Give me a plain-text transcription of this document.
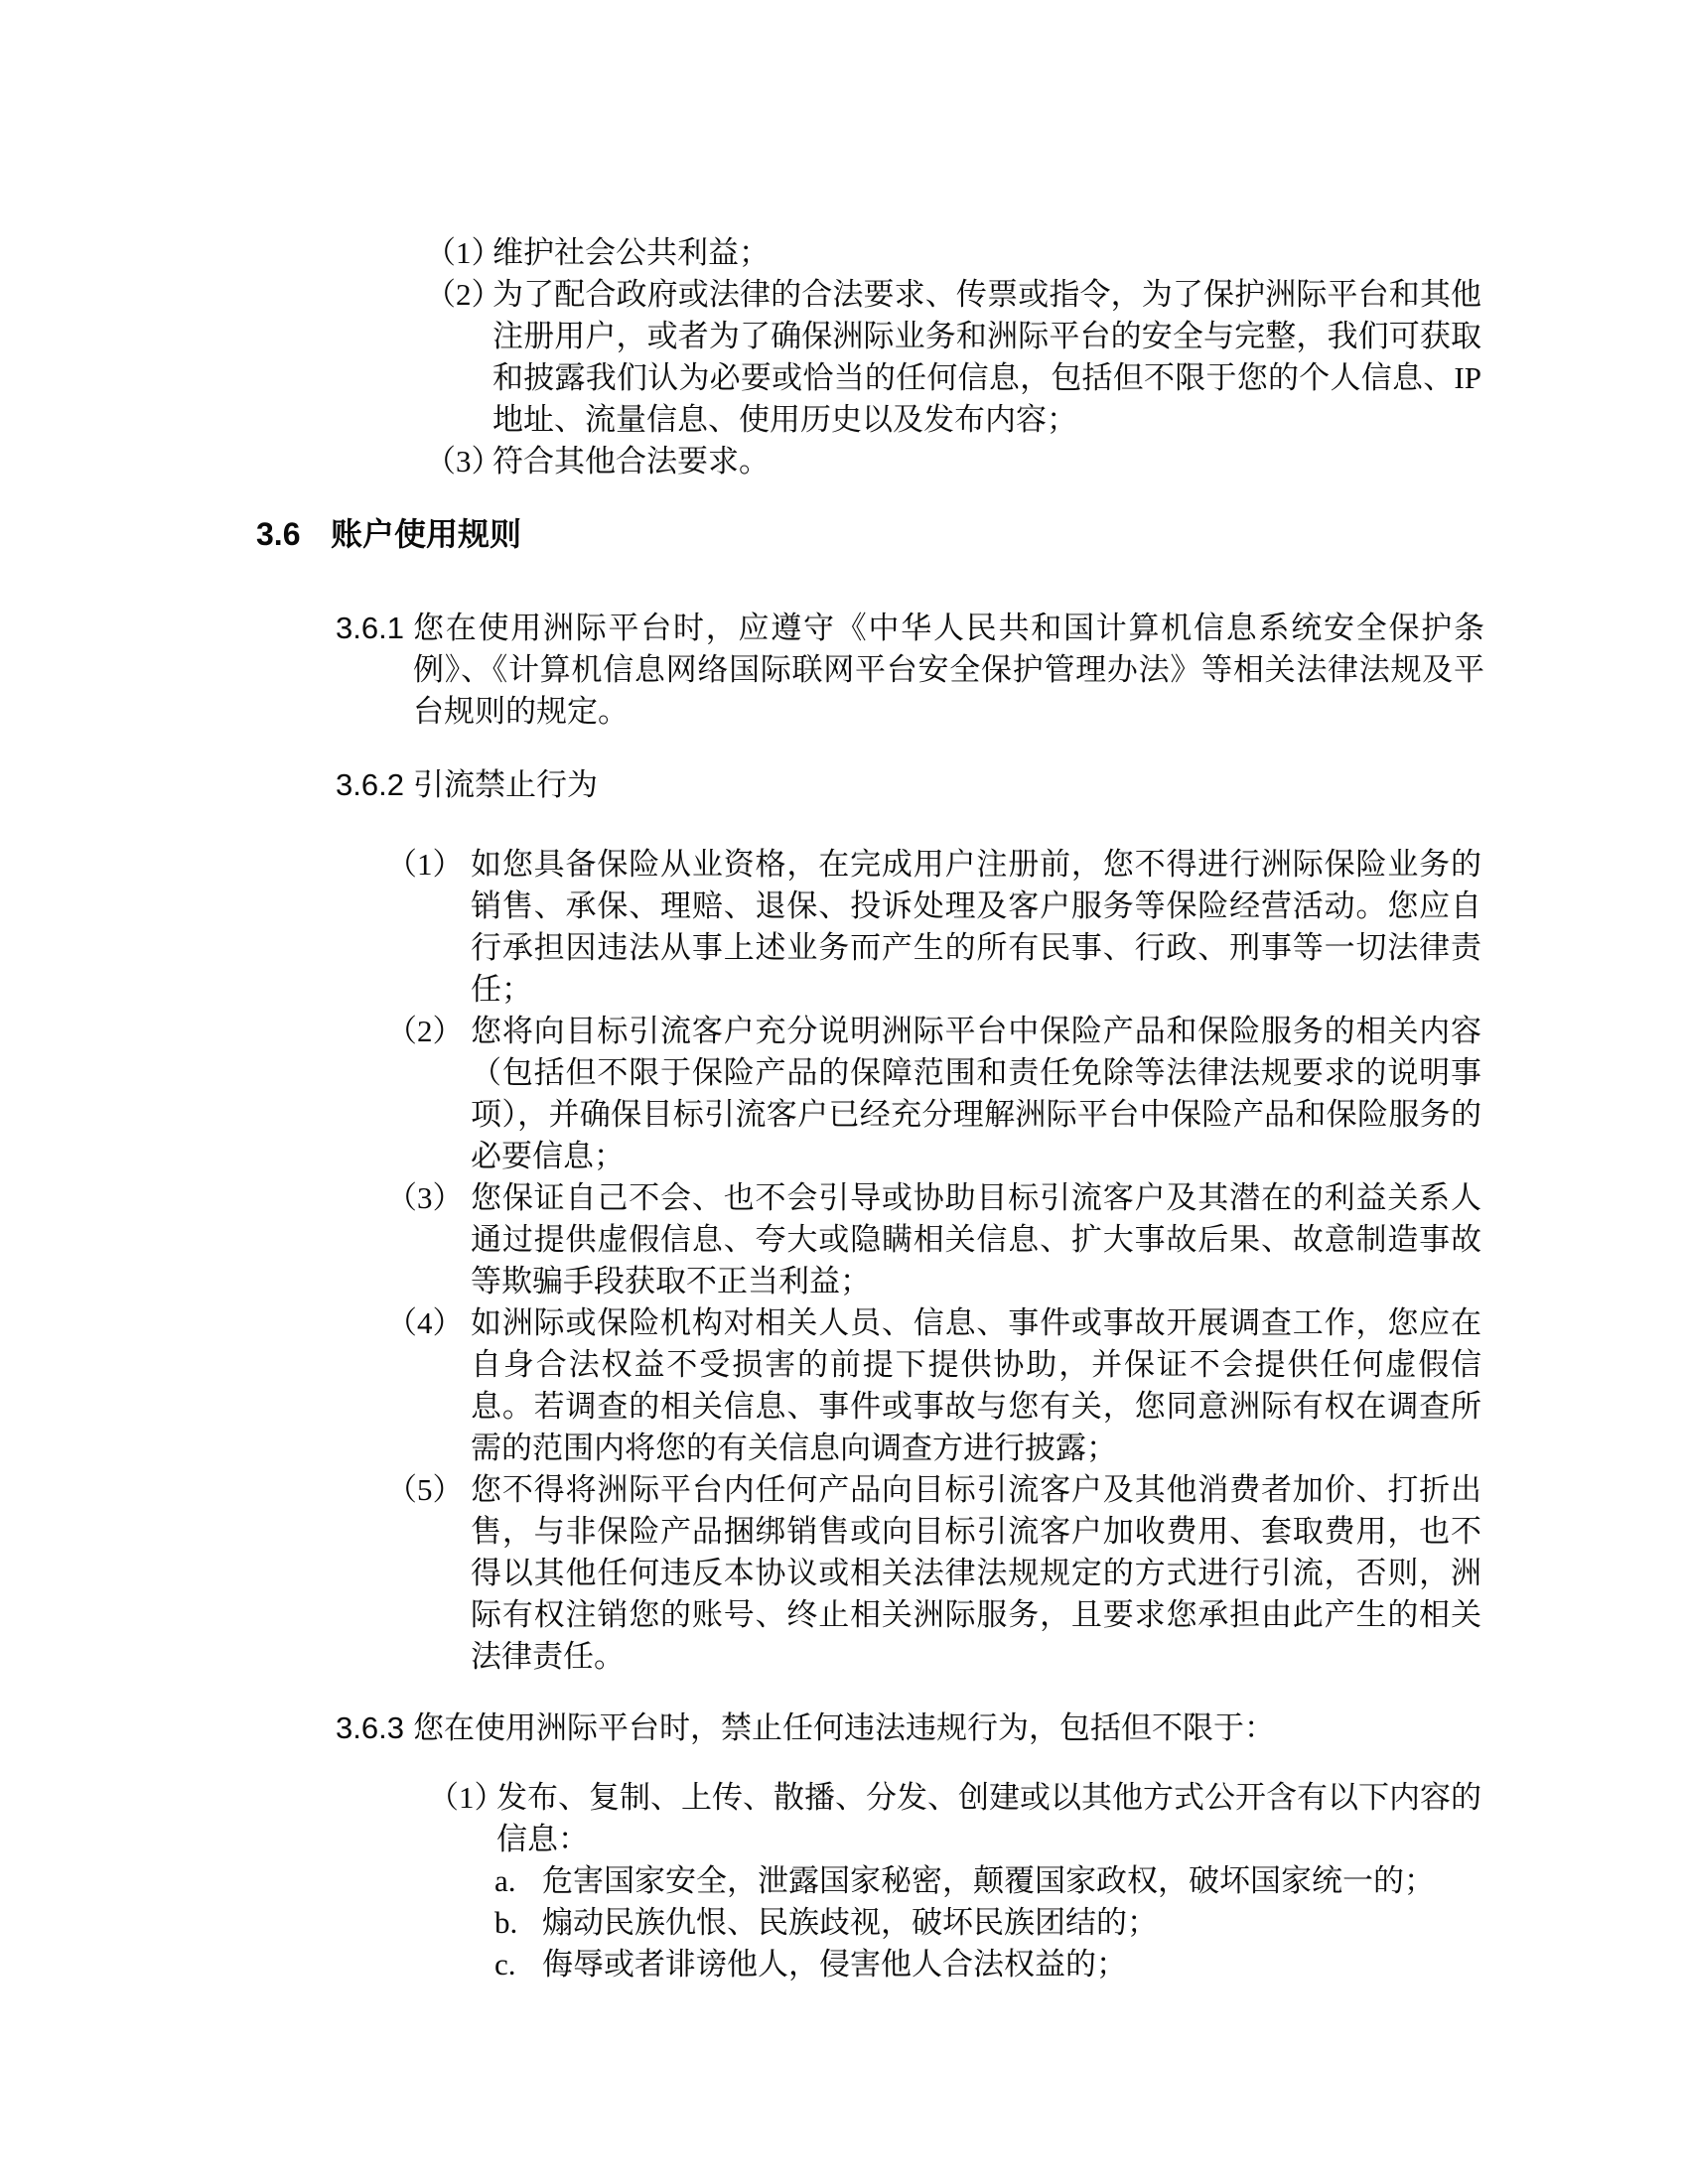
（1）
维护社会公共利益；
（2）
为了配合政府或法律的合法要求、传票或指令，为了保护洲际平台和其他注册用户，或者为了确保洲际业务和洲际平台的安全与完整，我们可获取和披露我们认为必要或恰当的任何信息，包括但不限于您的个人信息、IP 地址、流量信息、使用历史以及发布内容；
（3）
符合其他合法要求。
3.6 账户使用规则
3.6.1 您在使用洲际平台时，应遵守《中华人民共和国计算机信息系统安全保护条例》、《计算机信息网络国际联网平台安全保护管理办法》等相关法律法规及平台规则的规定。
3.6.2 引流禁止行为
（1） 如您具备保险从业资格，在完成用户注册前，您不得进行洲际保险业务的销售、承保、理赔、退保、投诉处理及客户服务等保险经营活动。您应自行承担因违法从事上述业务而产生的所有民事、行政、刑事等一切法律责任；
（2） 您将向目标引流客户充分说明洲际平台中保险产品和保险服务的相关内容（包括但不限于保险产品的保障范围和责任免除等法律法规要求的说明事项），并确保目标引流客户已经充分理解洲际平台中保险产品和保险服务的必要信息；
（3） 您保证自己不会、也不会引导或协助目标引流客户及其潜在的利益关系人通过提供虚假信息、夸大或隐瞒相关信息、扩大事故后果、故意制造事故等欺骗手段获取不正当利益；
（4） 如洲际或保险机构对相关人员、信息、事件或事故开展调查工作，您应在自身合法权益不受损害的前提下提供协助，并保证不会提供任何虚假信息。若调查的相关信息、事件或事故与您有关，您同意洲际有权在调查所需的范围内将您的有关信息向调查方进行披露；
（5） 您不得将洲际平台内任何产品向目标引流客户及其他消费者加价、打折出售，与非保险产品捆绑销售或向目标引流客户加收费用、套取费用，也不得以其他任何违反本协议或相关法律法规规定的方式进行引流，否则，洲际有权注销您的账号、终止相关洲际服务，且要求您承担由此产生的相关法律责任。
3.6.3 您在使用洲际平台时，禁止任何违法违规行为，包括但不限于：
（1）
发布、复制、上传、散播、分发、创建或以其他方式公开含有以下内容的信息：
a. 危害国家安全，泄露国家秘密，颠覆国家政权，破坏国家统一的；
b. 煽动民族仇恨、民族歧视，破坏民族团结的；
c. 侮辱或者诽谤他人，侵害他人合法权益的；
